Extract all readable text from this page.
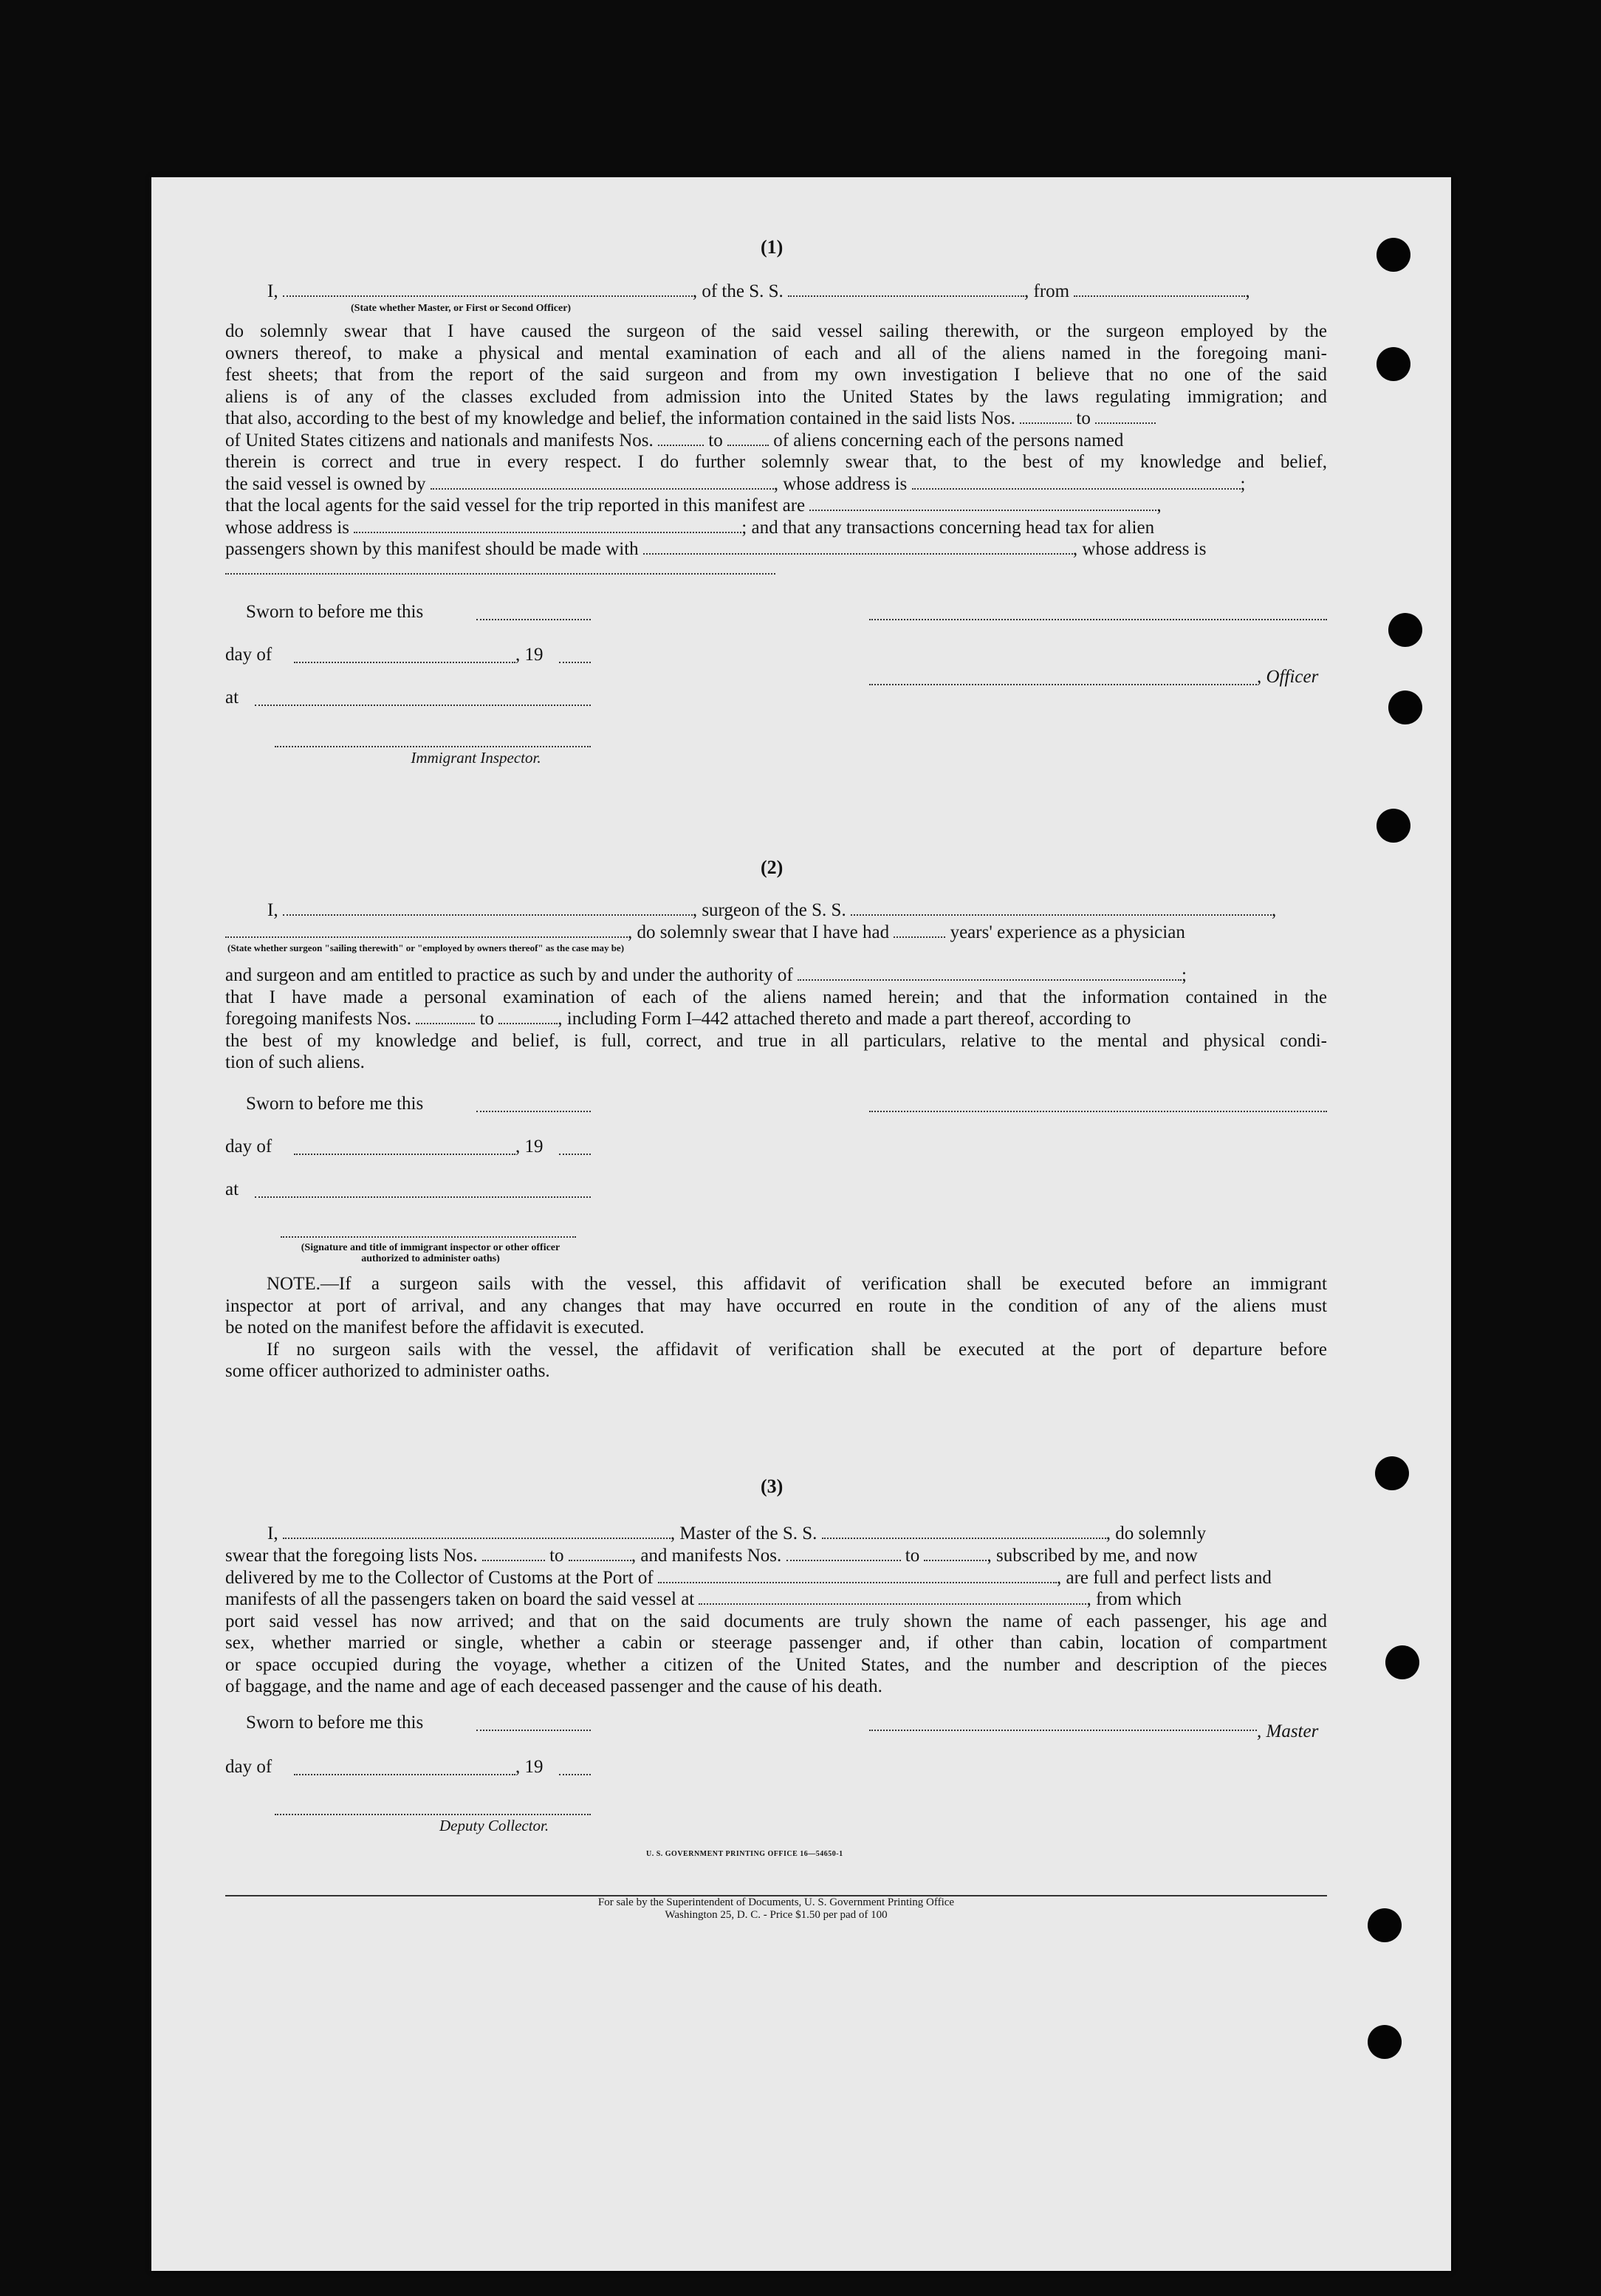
(1)
I,	, of the S. S.	, from	,
(State whether Master, or First or Second Officer)
do solemnly swear that I have caused the surgeon of the said vessel sailing therewith, or the surgeon employed by the
owners thereof, to make a physical and mental examination of each and all of the aliens named in the foregoing mani-
fest sheets; that from the report of the said surgeon and from my own investigation I believe that no one of the said
aliens is of any of the classes excluded from admission into the United States by the laws regulating immigration; and
that also, according to the best of my knowledge and belief, the information contained in the said lists Nos.	to
of United States citizens and nationals and manifests Nos.	to	of aliens concerning each of the persons named
therein is correct and true in every respect. I do further solemnly swear that, to the best of my knowledge and belief,
the said vessel is owned by	, whose address is	;
that the local agents for the said vessel for the trip reported in this manifest are	,
whose address is	; and that any transactions concerning head tax for alien
passengers shown by this manifest should be made with	, whose address is
Sworn to before me this
day of	, 19
, Officer
at
Immigrant Inspector.
(2)
I,	, surgeon of the S. S.	,
, do solemnly swear that I have had	years' experience as a physician
(State whether surgeon "sailing therewith" or "employed by owners thereof" as the case may be)
and surgeon and am entitled to practice as such by and under the authority of	;
that I have made a personal examination of each of the aliens named herein; and that the information contained in the
foregoing manifests Nos.	to	, including Form I–442 attached thereto and made a part thereof, according to
the best of my knowledge and belief, is full, correct, and true in all particulars, relative to the mental and physical condi-
tion of such aliens.
Sworn to before me this
day of	, 19
at
(Signature and title of immigrant inspector or other officer authorized to administer oaths)
NOTE.—If a surgeon sails with the vessel, this affidavit of verification shall be executed before an immigrant
inspector at port of arrival, and any changes that may have occurred en route in the condition of any of the aliens must
be noted on the manifest before the affidavit is executed.
If no surgeon sails with the vessel, the affidavit of verification shall be executed at the port of departure before
some officer authorized to administer oaths.
(3)
I,	, Master of the S. S.	, do solemnly
swear that the foregoing lists Nos.	to	, and manifests Nos.	to	, subscribed by me, and now
delivered by me to the Collector of Customs at the Port of	, are full and perfect lists and
manifests of all the passengers taken on board the said vessel at	, from which
port said vessel has now arrived; and that on the said documents are truly shown the name of each passenger, his age and
sex, whether married or single, whether a cabin or steerage passenger and, if other than cabin, location of compartment
or space occupied during the voyage, whether a citizen of the United States, and the number and description of the pieces
of baggage, and the name and age of each deceased passenger and the cause of his death.
Sworn to before me this	, Master
day of	, 19
Deputy Collector.
U. S. GOVERNMENT PRINTING OFFICE 16—54650-1
For sale by the Superintendent of Documents, U. S. Government Printing Office
Washington 25, D. C. - Price $1.50 per pad of 100
